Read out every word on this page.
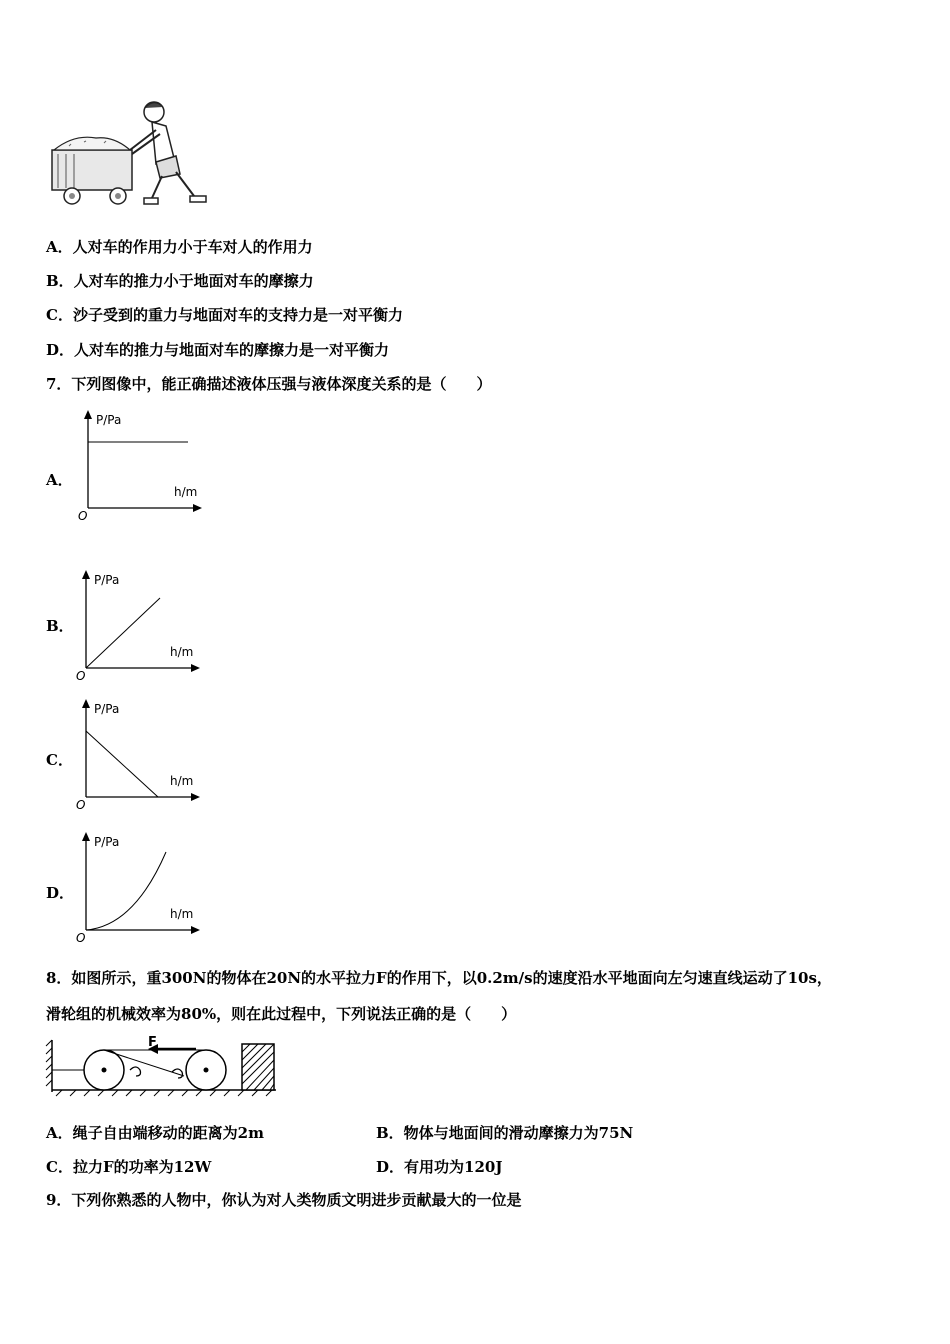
A．人对车的作用力小于车对人的作用力
B．人对车的推力小于地面对车的摩擦力
C．沙子受到的重力与地面对车的支持力是一对平衡力
D．人对车的推力与地面对车的摩擦力是一对平衡力
7．下列图像中，能正确描述液体压强与液体深度关系的是（　　）
A．
P/Pa
h/m
O
B．
P/Pa
h/m
O
C．
P/Pa
h/m
O
D．
P/Pa
h/m
O
8．如图所示，重300N的物体在20N的水平拉力F的作用下，以0.2m/s的速度沿水平地面向左匀速直线运动了10s，
滑轮组的机械效率为80%，则在此过程中，下列说法正确的是（　　）
F
A．绳子自由端移动的距离为2m	B．物体与地面间的滑动摩擦力为75N
C．拉力F的功率为12W	D．有用功为120J
9．下列你熟悉的人物中，你认为对人类物质文明进步贡献最大的一位是
